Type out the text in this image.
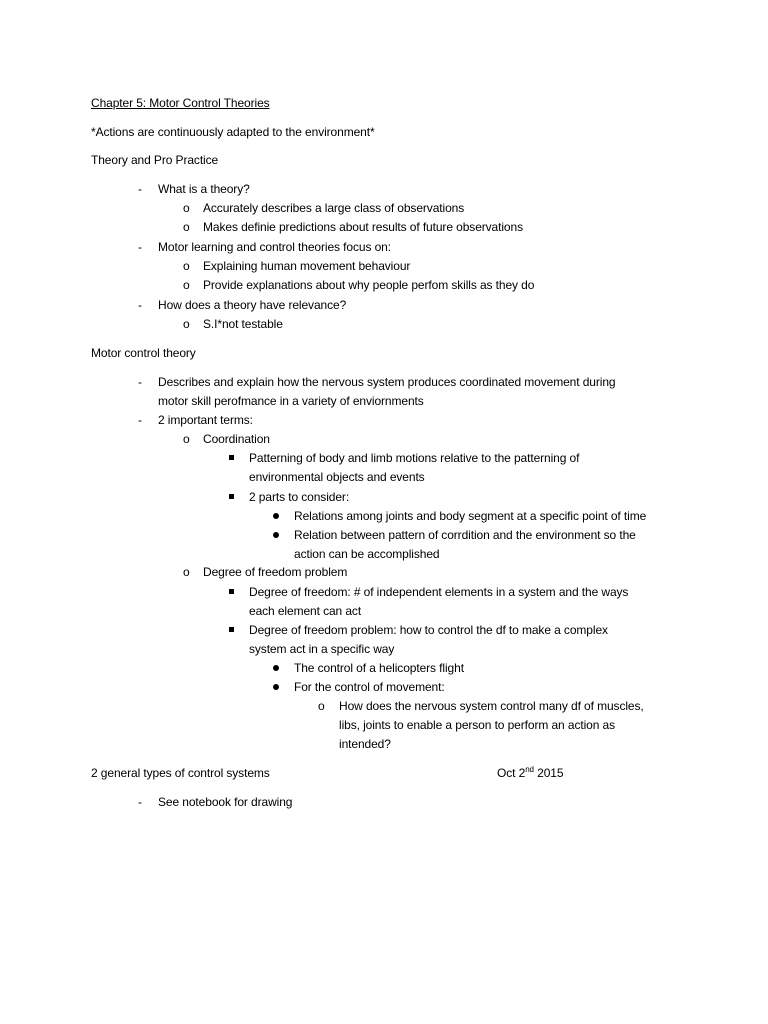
Chapter 5: Motor Control Theories
*Actions are continuously adapted to the environment*
Theory and Pro Practice
- What is a theory?
o Accurately describes a large class of observations
o Makes definie predictions about results of future observations
- Motor learning and control theories focus on:
o Explaining human movement behaviour
o Provide explanations about why people perfom skills as they do
- How does a theory have relevance?
o S.I*not testable
Motor control theory
- Describes and explain how the nervous system produces coordinated movement during
motor skill perofmance in a variety of enviornments
- 2 important terms:
o Coordination
Patterning of body and limb motions relative to the patterning of
environmental objects and events
2 parts to consider:
Relations among joints and body segment at a specific point of time
Relation between pattern of corrdition and the environment so the
action can be accomplished
o Degree of freedom problem
Degree of freedom: # of independent elements in a system and the ways
each element can act
Degree of freedom problem: how to control the df to make a complex
system act in a specific way
The control of a helicopters flight
For the control of movement:
o How does the nervous system control many df of muscles,
libs, joints to enable a person to perform an action as
intended?
2 general types of control systems	Oct 2nd 2015
- See notebook for drawing
